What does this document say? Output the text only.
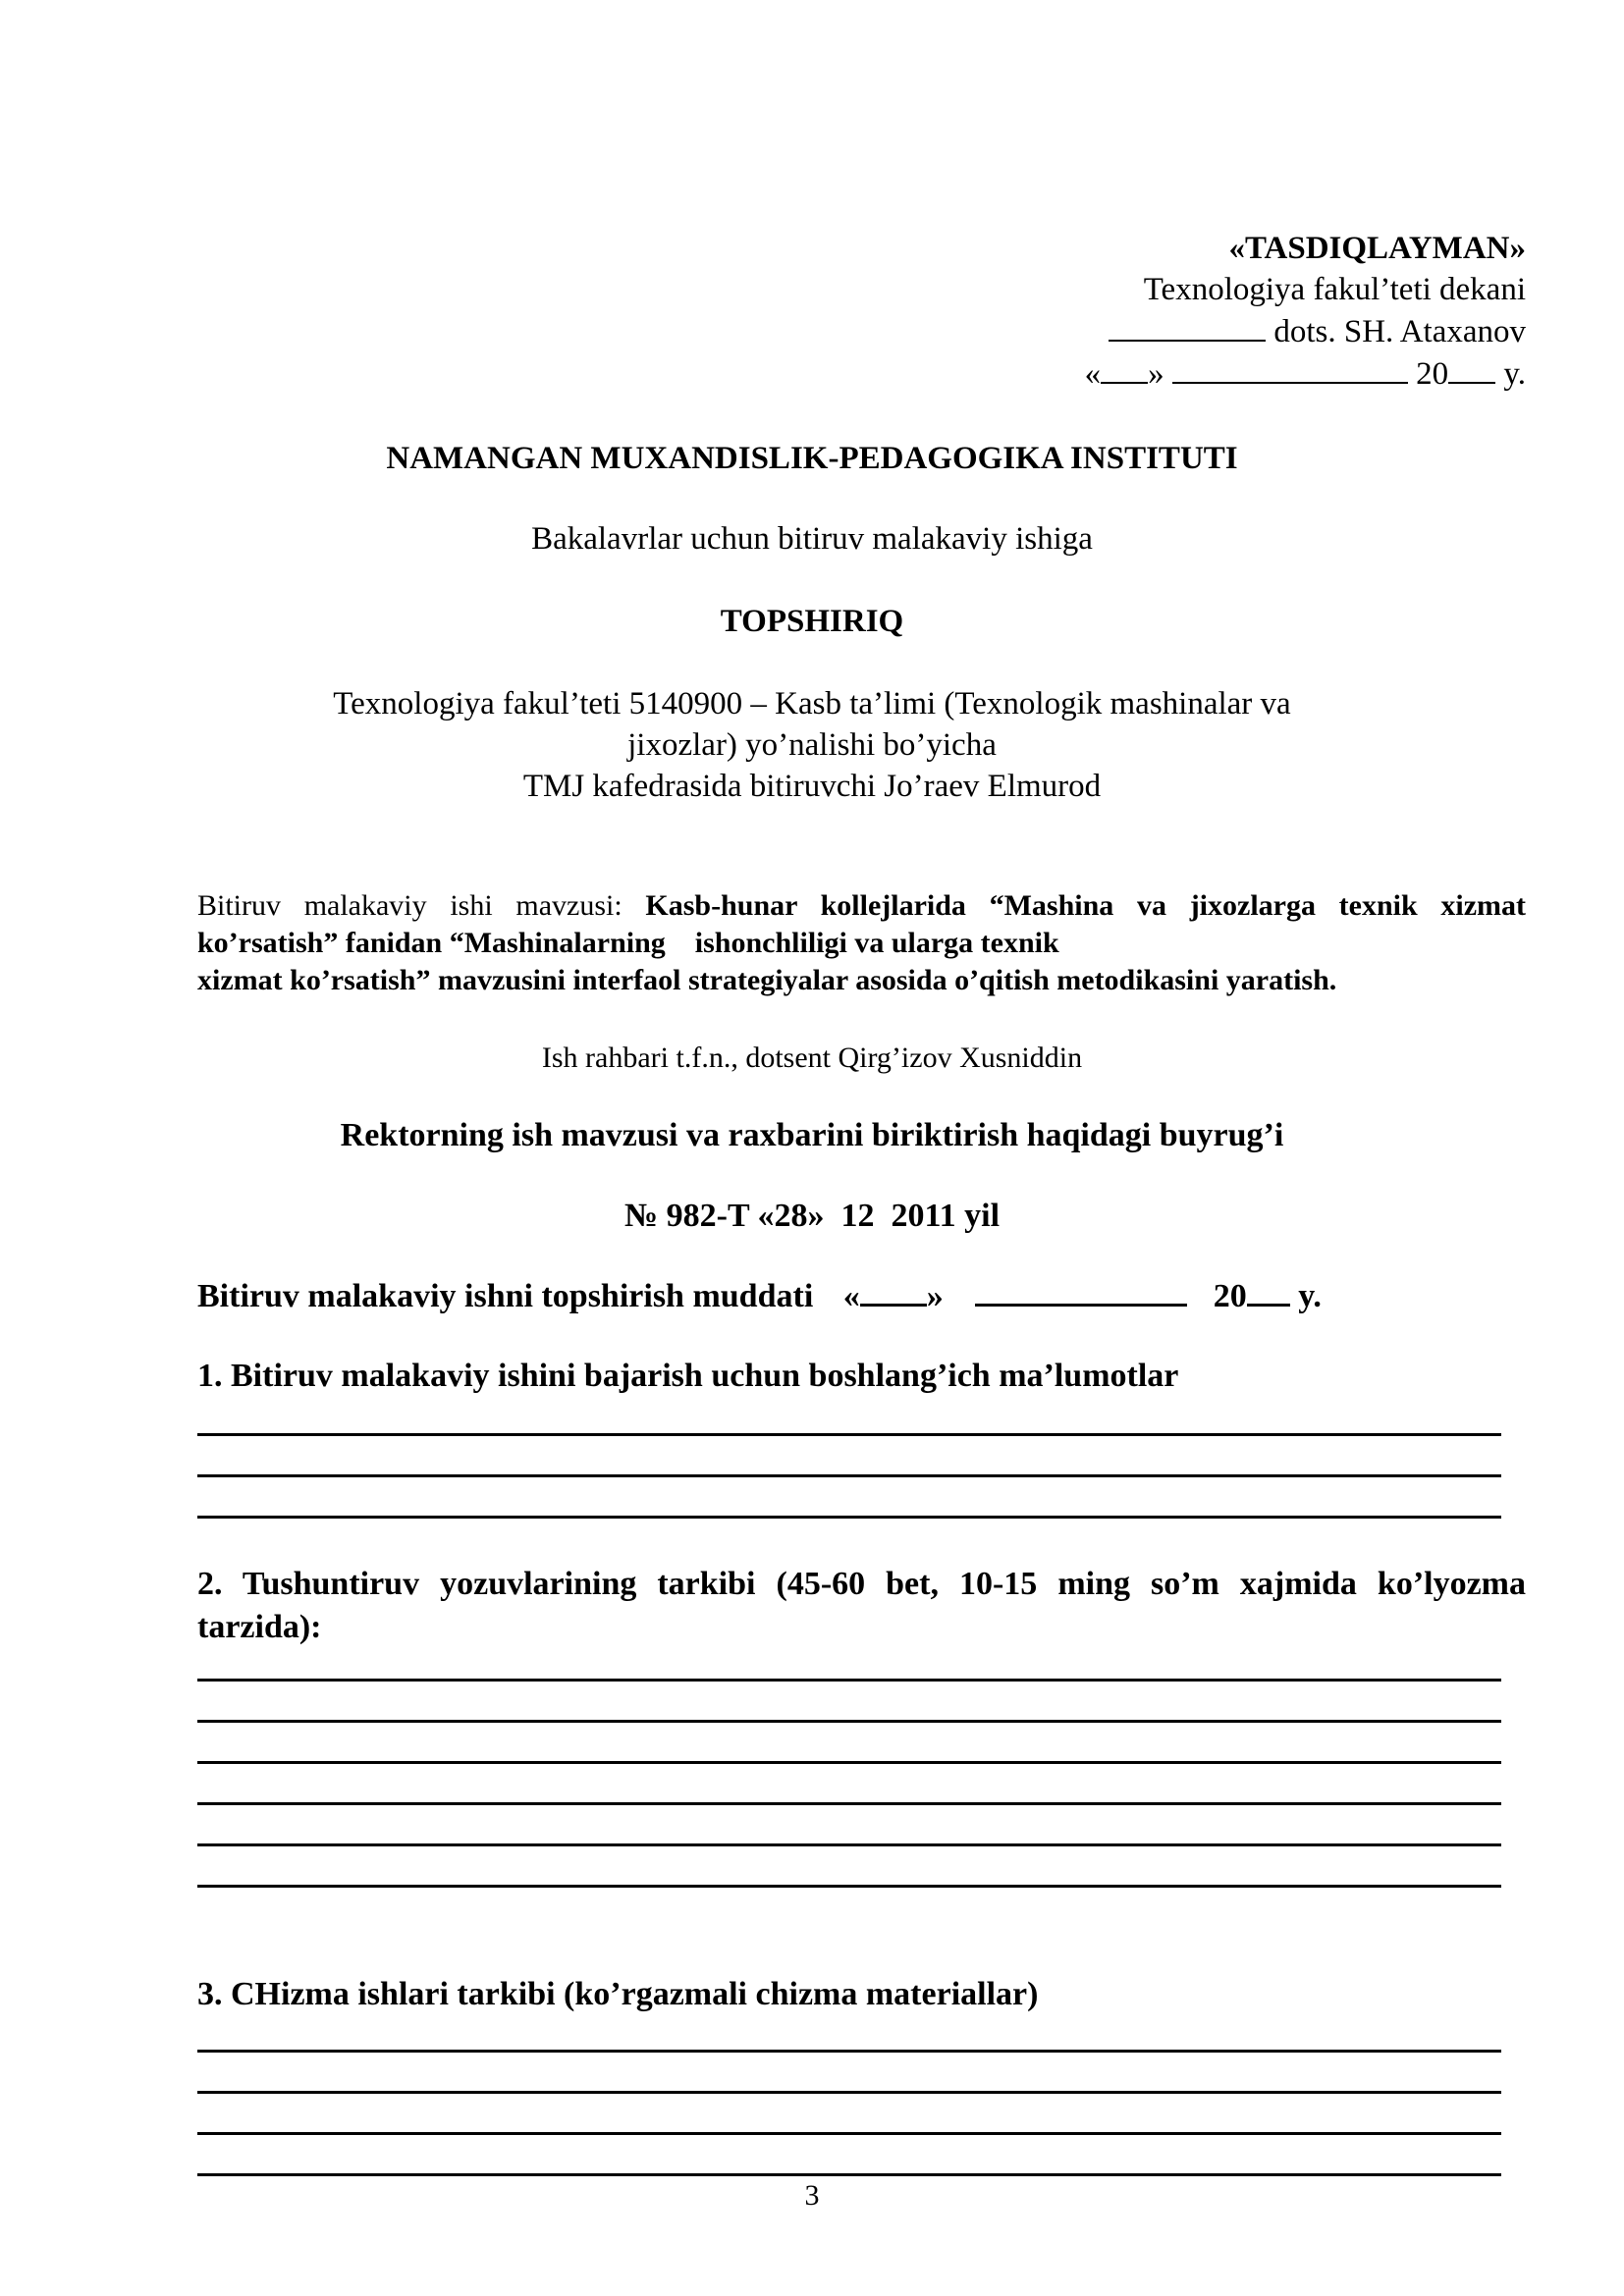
«TASDIQLAYMAN»
Texnologiya fakul’teti dekani
dots. SH. Ataxanov
« »	20 y.
NAMANGAN MUXANDISLIK-PEDAGOGIKA INSTITUTI
Bakalavrlar uchun bitiruv malakaviy ishiga
TOPSHIRIQ
Texnologiya fakul’teti 5140900 – Kasb ta’limi (Texnologik mashinalar va
jixozlar) yo’nalishi bo’yicha
TMJ kafedrasida bitiruvchi Jo’raev Elmurod
Bitiruv malakaviy ishi mavzusi: Kasb-hunar kollejlarida “Mashina va jixozlarga texnik xizmat
ko’rsatish” fanidan “Mashinalarning    ishonchliligi va ularga texnik
xizmat ko’rsatish” mavzusini interfaol strategiyalar asosida o’qitish metodikasini yaratish.
Ish rahbari t.f.n., dotsent Qirg’izov Xusniddin
Rektorning ish mavzusi va raxbarini biriktirish haqidagi buyrug’i
№ 982-T «28»  12  2011 yil
Bitiruv malakaviy ishni topshirish muddati « »	20 y.
1. Bitiruv malakaviy ishini bajarish uchun boshlang’ich ma’lumotlar
2. Tushuntiruv yozuvlarining tarkibi (45-60 bet, 10-15 ming so’m xajmida ko’lyozma
tarzida):
3. CHizma ishlari tarkibi (ko’rgazmali chizma materiallar)
3
